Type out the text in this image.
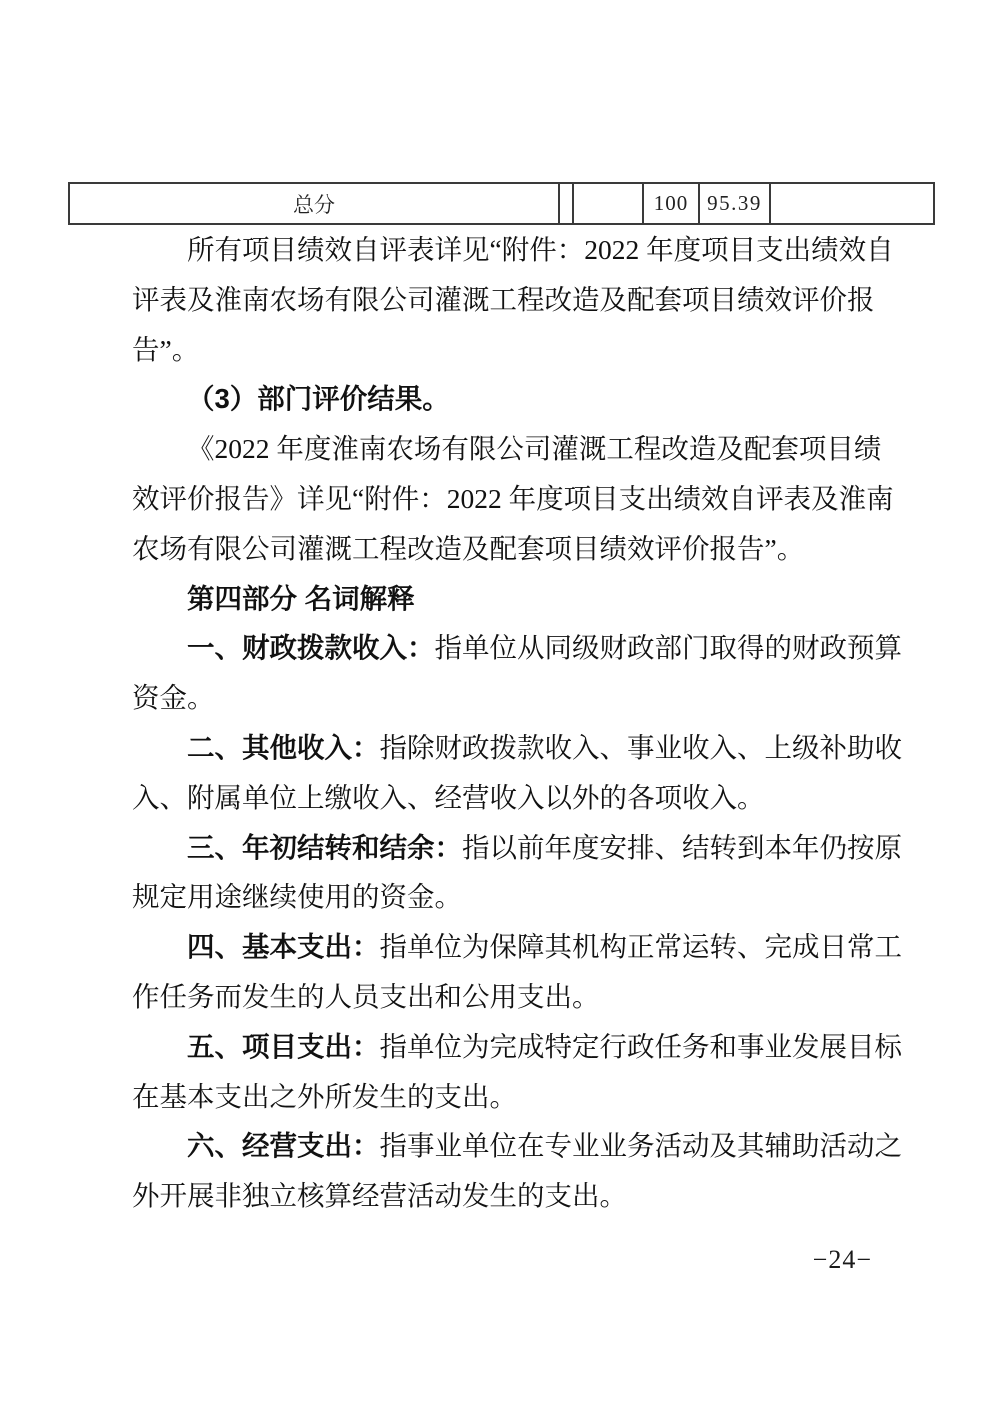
总分	100 95.39
所有项目绩效自评表详见“附件：2022 年度项目支出绩效自
评表及淮南农场有限公司灌溉工程改造及配套项目绩效评价报
告”。
（3）部门评价结果。
《2022 年度淮南农场有限公司灌溉工程改造及配套项目绩
效评价报告》详见“附件：2022 年度项目支出绩效自评表及淮南
农场有限公司灌溉工程改造及配套项目绩效评价报告”。
第四部分 名词解释
一、财政拨款收入：指单位从同级财政部门取得的财政预算
资金。
二、其他收入：指除财政拨款收入、事业收入、上级补助收
入、附属单位上缴收入、经营收入以外的各项收入。
三、年初结转和结余：指以前年度安排、结转到本年仍按原
规定用途继续使用的资金。
四、基本支出：指单位为保障其机构正常运转、完成日常工
作任务而发生的人员支出和公用支出。
五、项目支出：指单位为完成特定行政任务和事业发展目标
在基本支出之外所发生的支出。
六、经营支出：指事业单位在专业业务活动及其辅助活动之
外开展非独立核算经营活动发生的支出。
−24−
